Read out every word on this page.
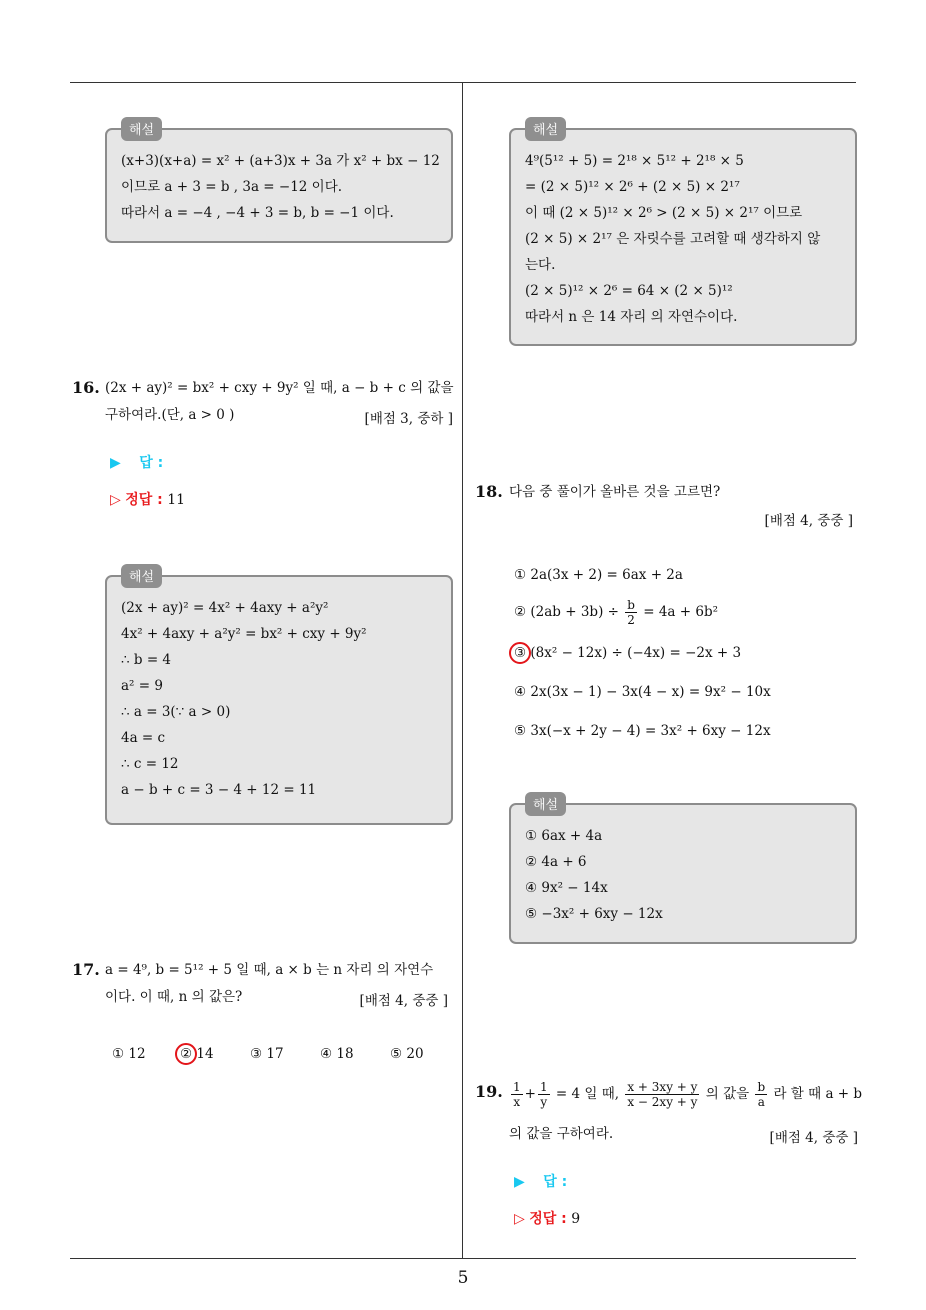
해설
(x+3)(x+a) = x² + (a+3)x + 3a 가 x² + bx − 12
이므로 a + 3 = b , 3a = −12 이다.
따라서 a = −4 , −4 + 3 = b, b = −1 이다.
해설
4⁹(5¹² + 5) = 2¹⁸ × 5¹² + 2¹⁸ × 5
= (2 × 5)¹² × 2⁶ + (2 × 5) × 2¹⁷
이 때 (2 × 5)¹² × 2⁶ > (2 × 5) × 2¹⁷ 이므로
(2 × 5) × 2¹⁷ 은 자릿수를 고려할 때 생각하지 않
는다.
(2 × 5)¹² × 2⁶ = 64 × (2 × 5)¹²
따라서 n 은 14 자리 의 자연수이다.
16. (2x + ay)² = bx² + cxy + 9y² 일 때, a − b + c 의 값을
구하여라.(단, a > 0 )	[배점 3, 중하 ]
▶ 답 :
▷ 정답 : 11
해설
(2x + ay)² = 4x² + 4axy + a²y²
4x² + 4axy + a²y² = bx² + cxy + 9y²
∴ b = 4
a² = 9
∴ a = 3(∵ a > 0)
4a = c
∴ c = 12
a − b + c = 3 − 4 + 12 = 11
17. a = 4⁹, b = 5¹² + 5 일 때, a × b 는 n 자리 의 자연수
이다. 이 때, n 의 값은?	[배점 4, 중중 ]
① 12	② 14	③ 17	④ 18	⑤ 20
18. 다음 중 풀이가 올바른 것을 고르면?
[배점 4, 중중 ]
① 2a(3x + 2) = 6ax + 2a
② $(2ab + 3b) \div \frac{b}{2} = 4a + 6b^2$
③ (8x² − 12x) ÷ (−4x) = −2x + 3
④ 2x(3x − 1) − 3x(4 − x) = 9x² − 10x
⑤ 3x(−x + 2y − 4) = 3x² + 6xy − 12x
해설
① 6ax + 4a
② 4a + 6
④ 9x² − 14x
⑤ −3x² + 6xy − 12x
19. $\frac{1}{x} + \frac{1}{y} = 4$ 일 때, $\frac{x + 3xy + y}{x - 2xy + y}$ 의 값을 $\frac{b}{a}$ 라 할 때 a + b
의 값을 구하여라.	[배점 4, 중중 ]
▶ 답 :
▷ 정답 : 9
5
